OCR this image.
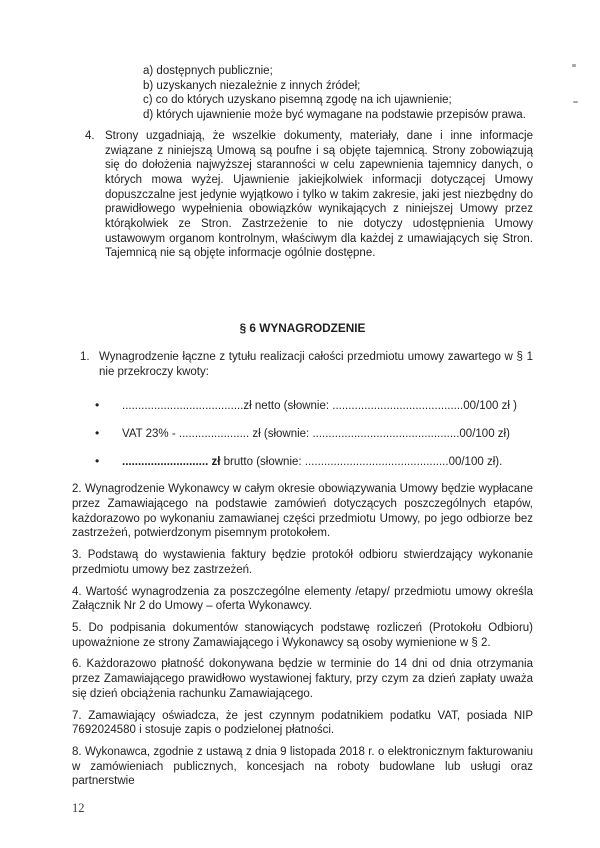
a) dostępnych publicznie;

b) uzyskanych niezależnie z innych źródeł;

c) co do których uzyskano pisemną zgodę na ich ujawnienie;

d) których ujawnienie może być wymagane na podstawie przepisów prawa.

4. Strony uzgadniają, że wszelkie dokumenty, materiały, dane i inne informacje związane z niniejszą Umową są poufne i są objęte tajemnicą. Strony zobowiązują się do dołożenia najwyższej staranności w celu zapewnienia tajemnicy danych, o których mowa wyżej. Ujawnienie jakiejkolwiek informacji dotyczącej Umowy dopuszczalne jest jedynie wyjątkowo i tylko w takim zakresie, jaki jest niezbędny do prawidłowego wypełnienia obowiązków wynikających z niniejszej Umowy przez którąkolwiek ze Stron. Zastrzeżenie to nie dotyczy udostępnienia Umowy ustawowym organom kontrolnym, właściwym dla każdej z umawiających się Stron. Tajemnicą nie są objęte informacje ogólnie dostępne.
§ 6 WYNAGRODZENIE
1. Wynagrodzenie łączne z tytułu realizacji całości przedmiotu umowy zawartego w § 1 nie przekroczy kwoty:
• ......................................zł netto (słownie: .........................................00/100 zł )
• VAT 23% - ...................... zł (słownie: ..............................................00/100 zł)
• ........................... zł brutto (słownie: .............................................00/100 zł).

2. Wynagrodzenie Wykonawcy w całym okresie obowiązywania Umowy będzie wypłacane przez Zamawiającego na podstawie zamówień dotyczących poszczególnych etapów, każdorazowo po wykonaniu zamawianej części przedmiotu Umowy, po jego odbiorze bez zastrzeżeń, potwierdzonym pisemnym protokołem.

3. Podstawą do wystawienia faktury będzie protokół odbioru stwierdzający wykonanie przedmiotu umowy bez zastrzeżeń.

4. Wartość wynagrodzenia za poszczególne elementy /etapy/ przedmiotu umowy określa Załącznik Nr 2 do Umowy – oferta Wykonawcy.

5. Do podpisania dokumentów stanowiących podstawę rozliczeń (Protokołu Odbioru) upoważnione ze strony Zamawiającego i Wykonawcy są osoby wymienione w § 2.

6. Każdorazowo płatność dokonywana będzie w terminie do 14 dni od dnia otrzymania przez Zamawiającego prawidłowo wystawionej faktury, przy czym za dzień zapłaty uważa się dzień obciążenia rachunku Zamawiającego.

7. Zamawiający oświadcza, że jest czynnym podatnikiem podatku VAT, posiada NIP 7692024580 i stosuje zapis o podzielonej płatności.

8. Wykonawca, zgodnie z ustawą z dnia 9 listopada 2018 r. o elektronicznym fakturowaniu w zamówieniach publicznych, koncesjach na roboty budowlane lub usługi oraz partnerstwie

12
